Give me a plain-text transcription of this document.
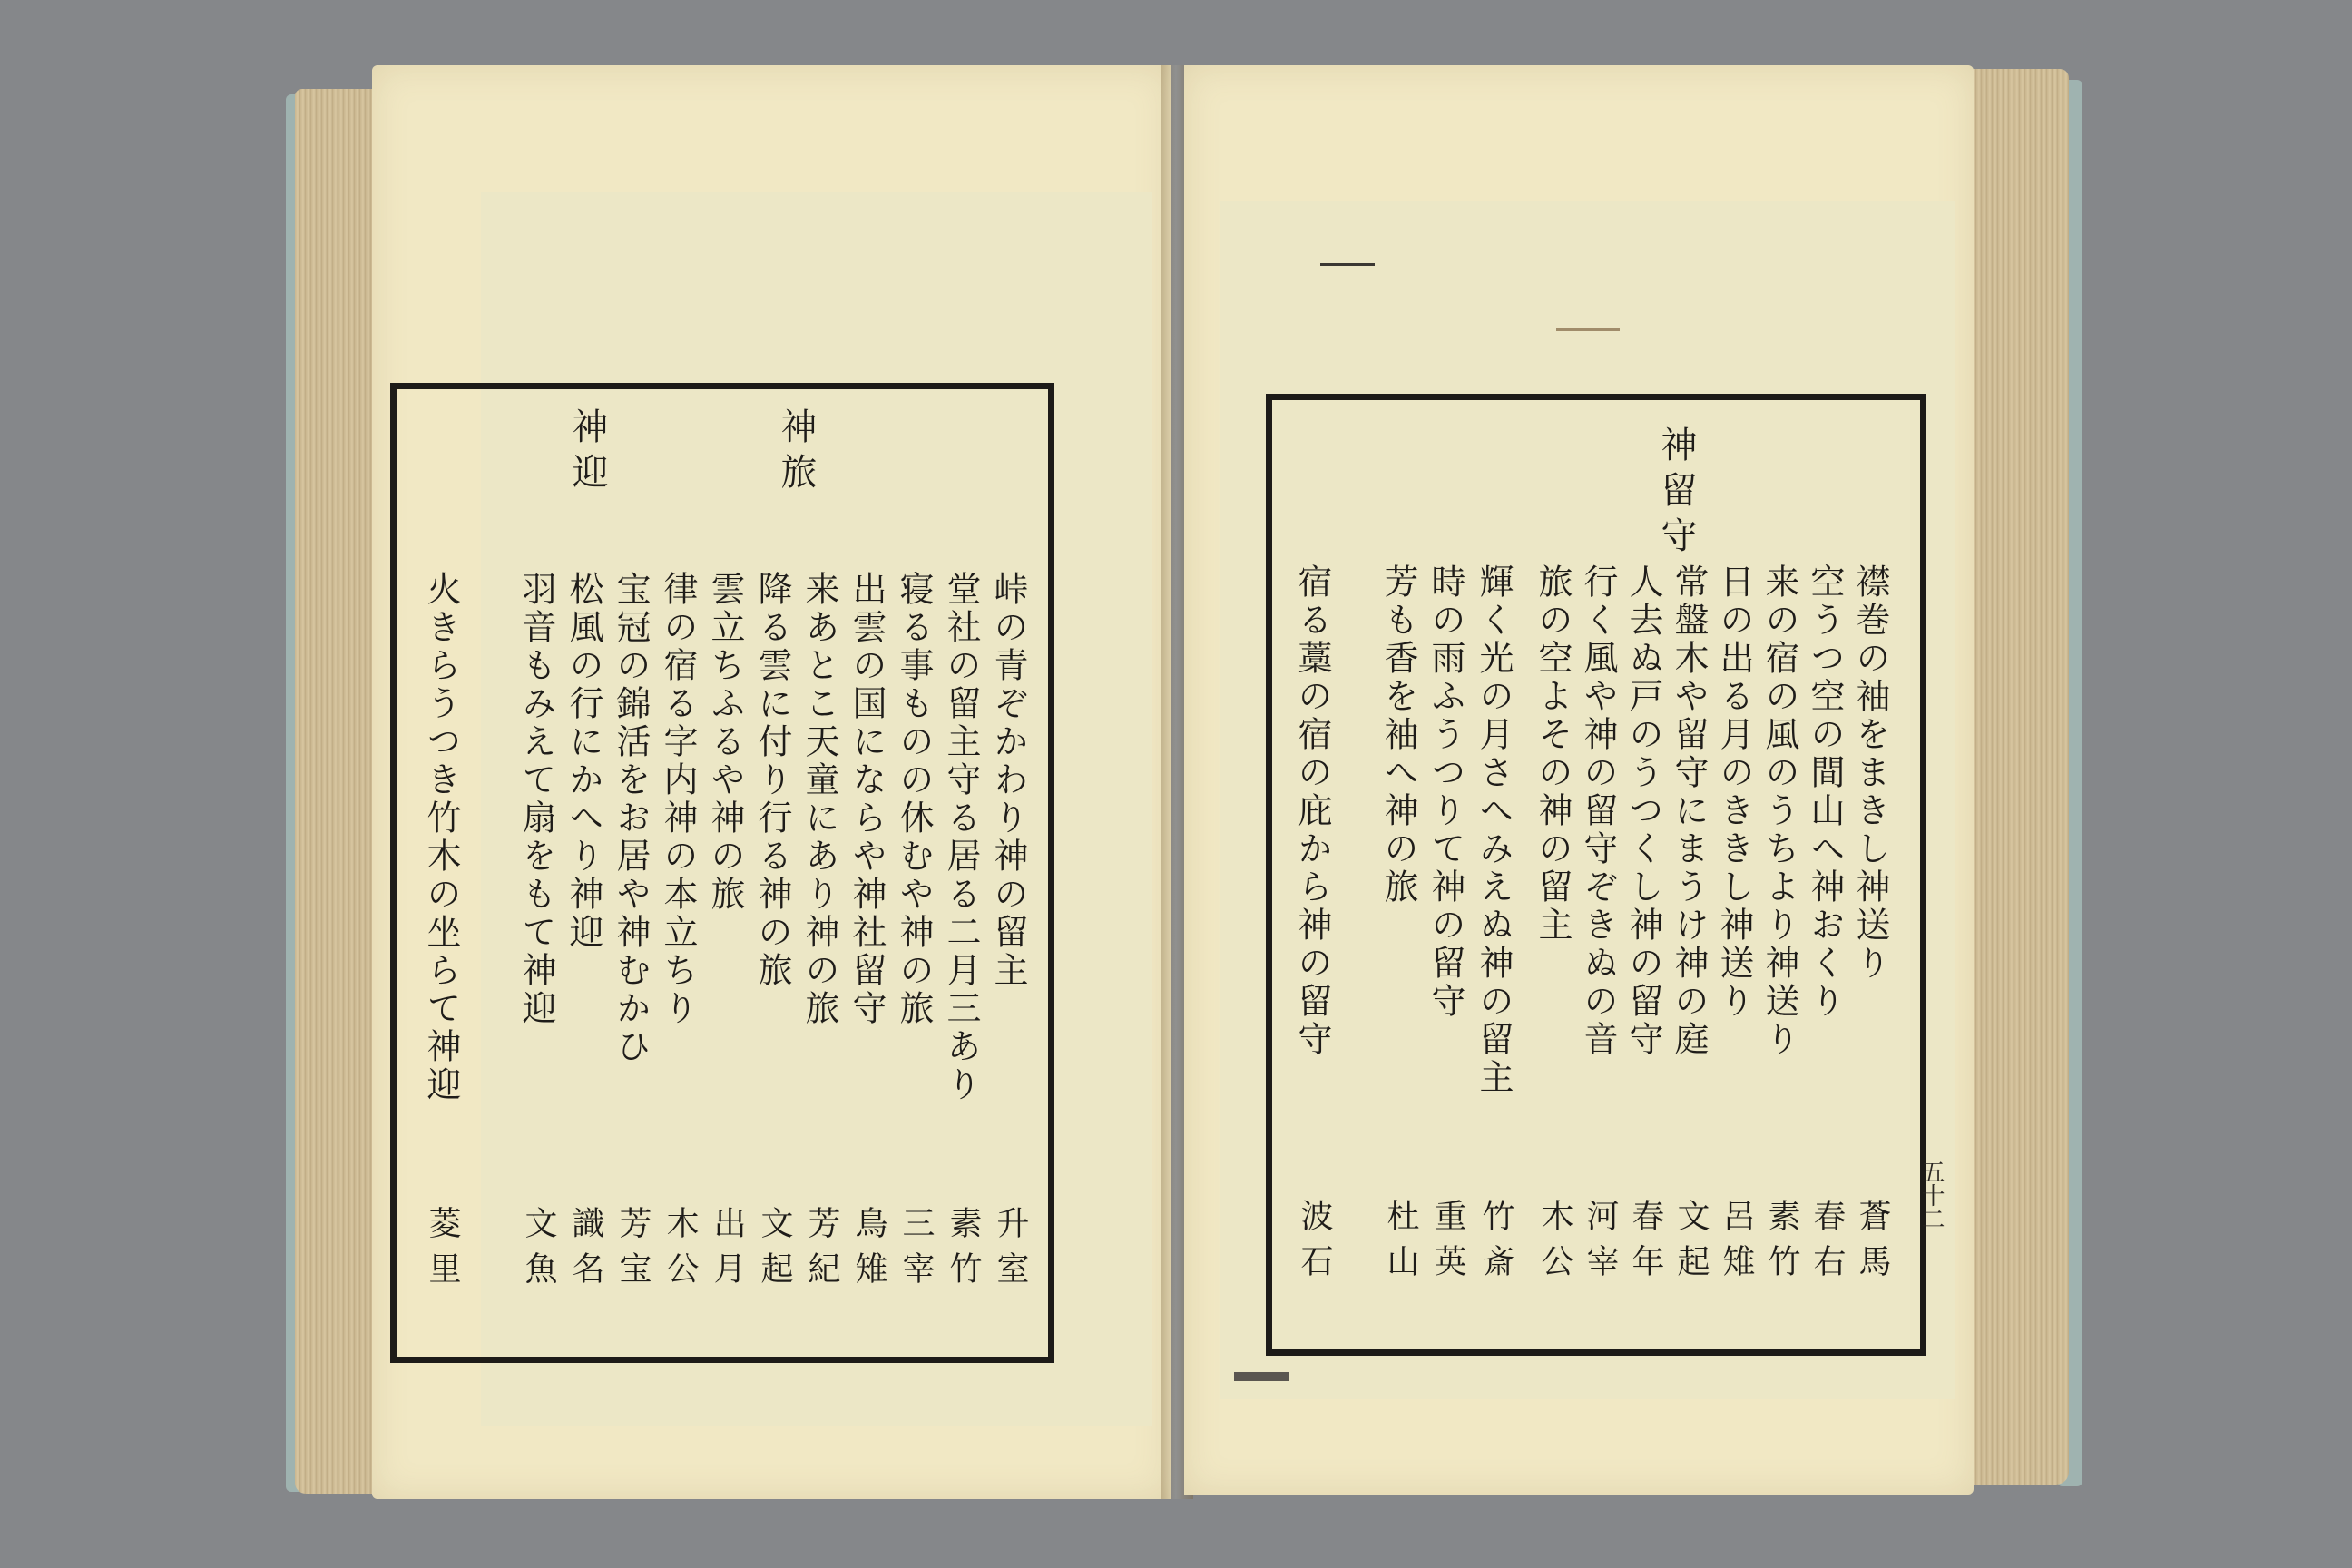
神旅
神迎
峠の青ぞかわり神の留主
升室
堂社の留主守る居る二月三あり
素竹
寝る事ものの休むや神の旅
三宰
出雲の国にならや神社留守
鳥雉
来あとこ天童にあり神の旅
芳紀
降る雲に付り行る神の旅
文起
雲立ちふるや神の旅
出月
律の宿る字内神の本立ちり
木公
宝冠の錦活をお居や神むかひ
芳宝
松風の行にかへり神迎
識名
羽音もみえて扇をもて神迎
文魚
火きらうつき竹木の坐らて神迎
菱里
神留守
襟巻の袖をまきし神送り
蒼馬
空うつ空の間山へ神おくり
春右
来の宿の風のうちより神送り
素竹
日の出る月のききし神送り
呂雉
常盤木や留守にまうけ神の庭
文起
人去ぬ戸のうつくし神の留守
春年
行く風や神の留守ぞきぬの音
河宰
旅の空よその神の留主
木公
輝く光の月さへみえぬ神の留主
竹斎
時の雨ふうつりて神の留守
重英
芳も香を袖へ神の旅
杜山
宿る藁の宿の庇から神の留守
波石
五十二
